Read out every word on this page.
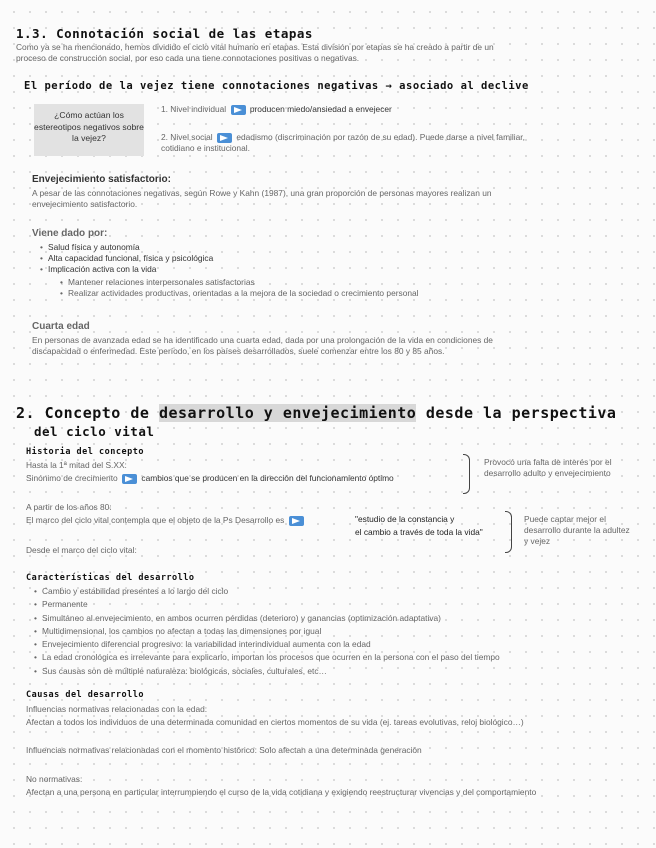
1.3. Connotación social de las etapas
Como ya se ha mencionado, hemos dividido el ciclo vital humano en etapas. Esta división por etapas se ha creado a partir de un
proceso de construcción social, por eso cada una tiene connotaciones positivas o negativas.
El período de la vejez tiene connotaciones negativas → asociado al declive
¿Cómo actúan los estereotipos negativos sobre la vejez?
1. Nivel individual	producen miedo/ansiedad a envejecer
2. Nivel social	edadismo (discriminación por razón de su edad). Puede darse a nivel familiar,
cotidiano e institucional.
Envejecimiento satisfactorio:
A pesar de las connotaciones negativas, según Rowe y Kahn (1987), una gran proporción de personas mayores realizan un
envejecimiento satisfactorio.
Viene dado por:
• Salud física y autonomía
• Alta capacidad funcional, física y psicológica
• Implicación activa con la vida
• Mantener relaciones interpersonales satisfactorias
• Realizar actividades productivas, orientadas a la mejora de la sociedad o crecimiento personal
Cuarta edad
En personas de avanzada edad se ha identificado una cuarta edad, dada por una prolongación de la vida en condiciones de
discapacidad o enfermedad. Este período, en los países desarrollados, suele comenzar entre los 80 y 85 años.
2. Concepto de desarrollo y envejecimiento desde la perspectiva
del ciclo vital
Historia del concepto
Hasta la 1ª mitad del S.XX:
Sinónimo de crecimiento	cambios que se producen en la dirección del funcionamiento óptimo
Provocó una falta de interés por el desarrollo adulto y envejecimiento
A partir de los años 80:
El marco del ciclo vital contempla que el objeto de la Ps Desarrollo es	"estudio de la constancia y
el cambio a través de toda la vida"
Puede captar mejor el desarrollo durante la adultez y vejez
Desde el marco del ciclo vital:
Características del desarrollo
• Cambio y estabilidad presentes a lo largo del ciclo
• Permanente
• Simultáneo al envejecimiento, en ambos ocurren pérdidas (deterioro) y ganancias (optimización adaptativa)
• Multidimensional, los cambios no afectan a todas las dimensiones por igual
• Envejecimiento diferencial progresivo: la variabilidad interindividual aumenta con la edad
• La edad cronológica es irrelevante para explicarlo, importan los procesos que ocurren en la persona con el paso del tiempo
• Sus causas son de múltiple naturaleza: biológicas, sociales, culturales, etc…
Causas del desarrollo
Influencias normativas relacionadas con la edad:
Afectan a todos los individuos de una determinada comunidad en ciertos momentos de su vida (ej. tareas evolutivas, reloj biológico…)
Influencias normativas relacionadas con el momento histórico: Solo afectan a una determinada generación
No normativas:
Afectan a una persona en particular interrumpiendo el curso de la vida cotidiana y exigiendo reestructurar vivencias y del comportamiento
